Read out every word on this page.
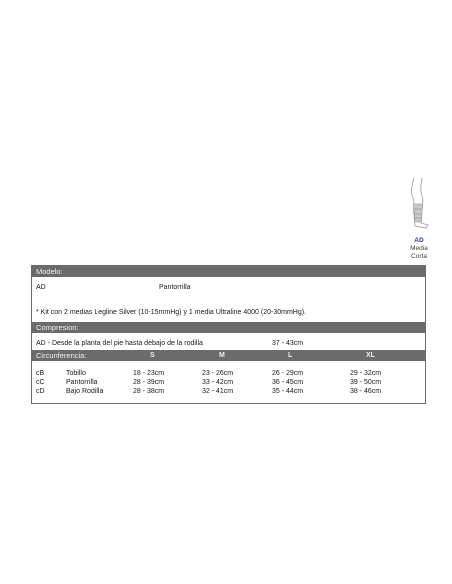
AD
Media
Corta
Modelo:
AD	Pantorrilla
* Kit con 2 medias Legline Silver (10-15mmHg) y 1 media Ultraline 4000 (20-30mmHg).
Compresion:
AD - Desde la planta del pie hasta debajo de la rodilla	37 - 43cm
Circunferencia:	S	M	L	XL
cB	Tobillo	18 - 23cm	23 - 26cm	26 - 29cm	29 - 32cm
cC	Pantorrilla	28 - 39cm	33 - 42cm	36 - 45cm	39 - 50cm
cD	Bajo Rodilla	28 - 38cm	32 - 41cm	35 - 44cm	38 - 46cm
